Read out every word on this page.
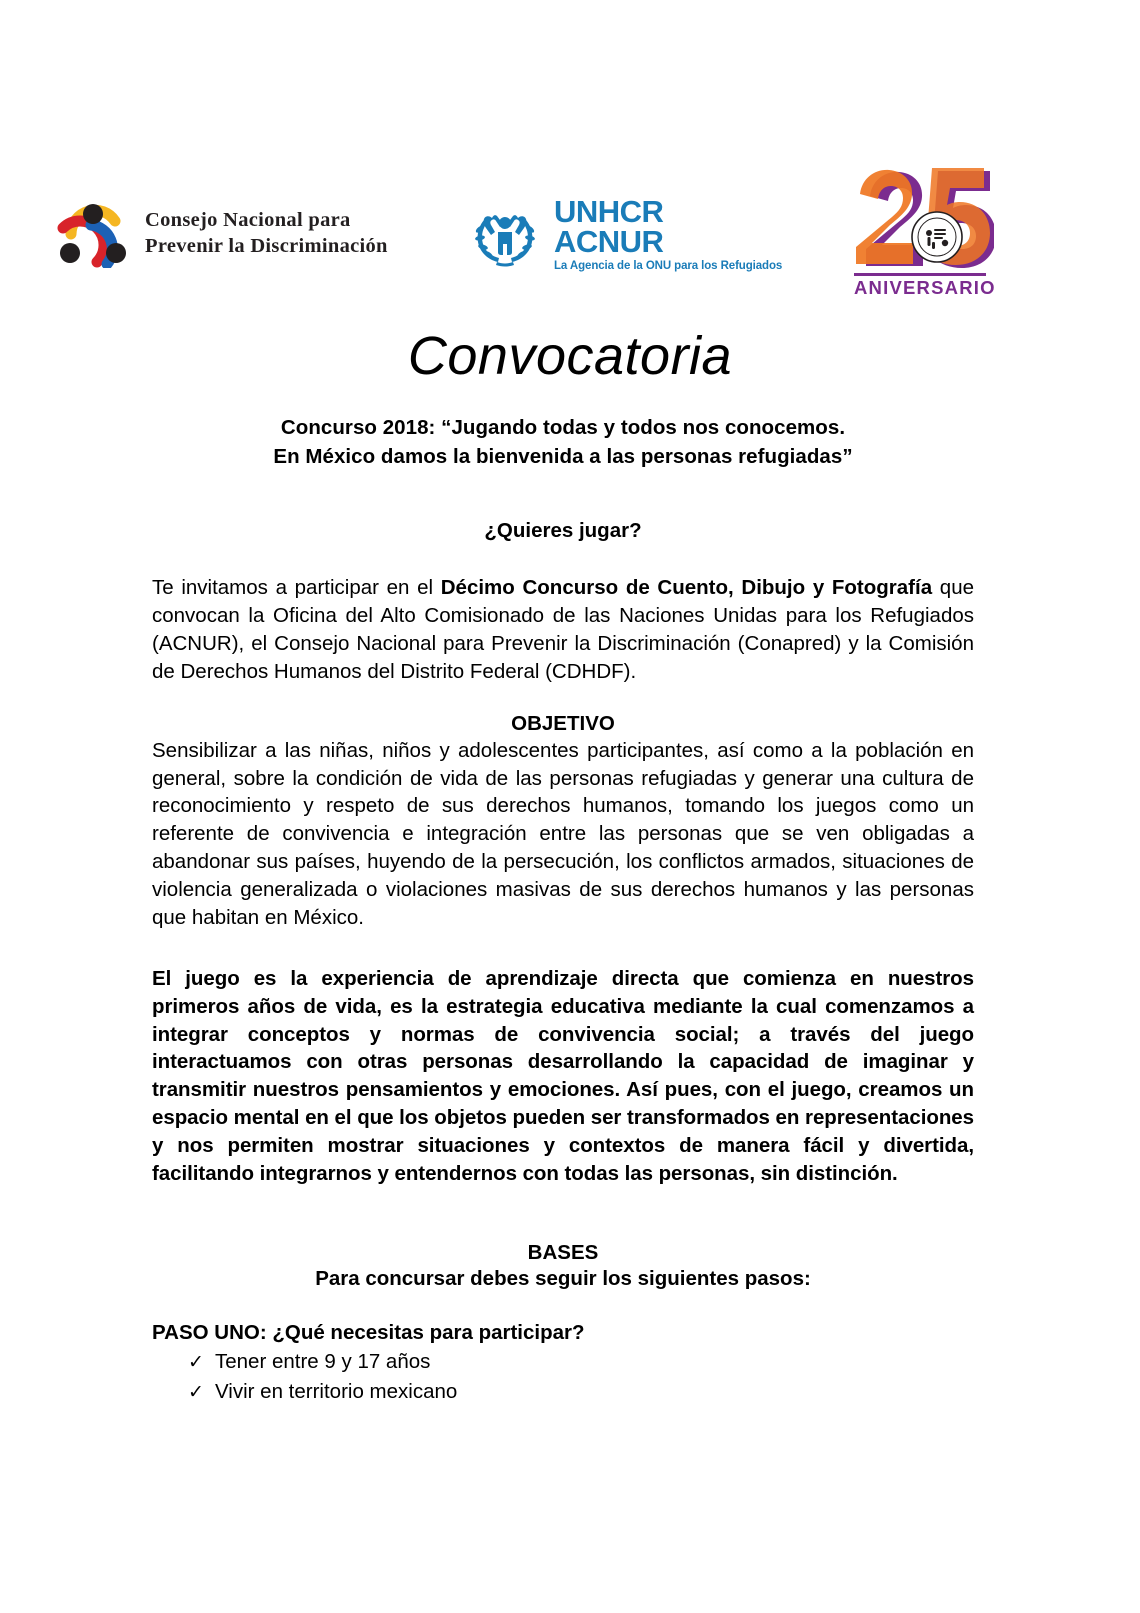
Consejo Nacional para
Prevenir la Discriminación
UNHCR
ACNUR
La Agencia de la ONU para los Refugiados
ANIVERSARIO
Convocatoria
Concurso 2018: “Jugando todas y todos nos conocemos.
En México damos la bienvenida a las personas refugiadas”
¿Quieres jugar?

Te invitamos a participar en el Décimo Concurso de Cuento, Dibujo y Fotografía que convocan la Oficina del Alto Comisionado de las Naciones Unidas para los Refugiados (ACNUR), el Consejo Nacional para Prevenir la Discriminación (Conapred) y la Comisión de Derechos Humanos del Distrito Federal (CDHDF).

OBJETIVO

Sensibilizar a las niñas, niños y adolescentes participantes, así como a la población en general, sobre la condición de vida de las personas refugiadas y generar una cultura de reconocimiento y respeto de sus derechos humanos, tomando los juegos como un referente de convivencia e integración entre las personas que se ven obligadas a abandonar sus países, huyendo de la persecución, los conflictos armados, situaciones de violencia generalizada o violaciones masivas de sus derechos humanos y las personas que habitan en México.

El juego es la experiencia de aprendizaje directa que comienza en nuestros primeros años de vida, es la estrategia educativa mediante la cual comenzamos a integrar conceptos y normas de convivencia social; a través del juego interactuamos con otras personas desarrollando la capacidad de imaginar y transmitir nuestros pensamientos y emociones. Así pues, con el juego, creamos un espacio mental en el que los objetos pueden ser transformados en representaciones y nos permiten mostrar situaciones y contextos de manera fácil y divertida, facilitando integrarnos y entendernos con todas las personas, sin distinción.

BASES
Para concursar debes seguir los siguientes pasos:
PASO UNO: ¿Qué necesitas para participar?
✓ Tener entre 9 y 17 años
✓ Vivir en territorio mexicano
